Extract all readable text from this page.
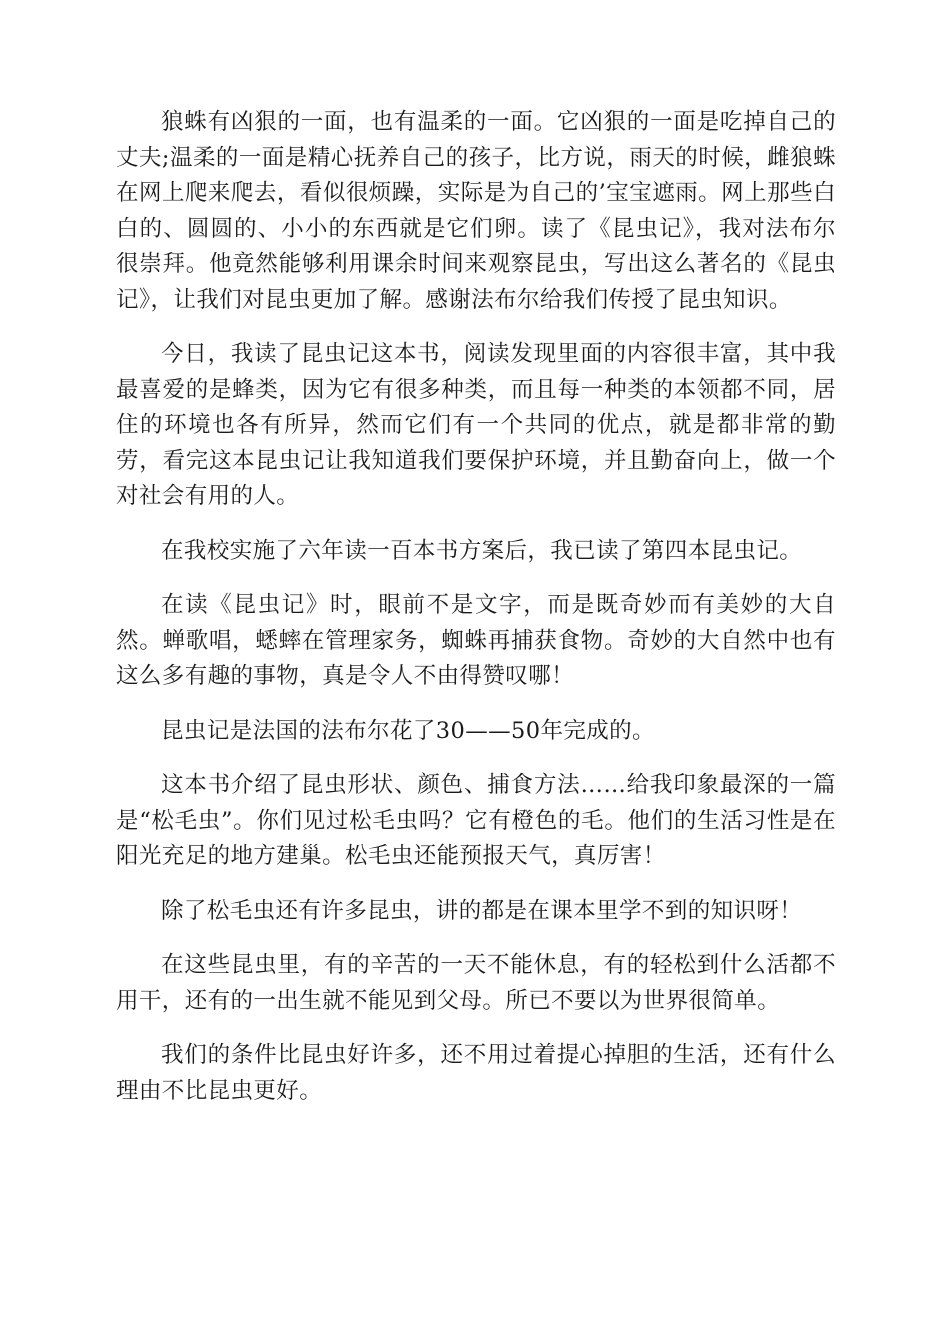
狼蛛有凶狠的一面，也有温柔的一面。它凶狠的一面是吃掉自己的丈夫;温柔的一面是精心抚养自己的孩子，比方说，雨天的时候，雌狼蛛在网上爬来爬去，看似很烦躁，实际是为自己的’宝宝遮雨。网上那些白白的、圆圆的、小小的东西就是它们卵。读了《昆虫记》，我对法布尔很崇拜。他竟然能够利用课余时间来观察昆虫，写出这么著名的《昆虫记》，让我们对昆虫更加了解。感谢法布尔给我们传授了昆虫知识。

今日，我读了昆虫记这本书，阅读发现里面的内容很丰富，其中我最喜爱的是蜂类，因为它有很多种类，而且每一种类的本领都不同，居住的环境也各有所异，然而它们有一个共同的优点，就是都非常的勤劳，看完这本昆虫记让我知道我们要保护环境，并且勤奋向上，做一个对社会有用的人。

在我校实施了六年读一百本书方案后，我已读了第四本昆虫记。

在读《昆虫记》时，眼前不是文字，而是既奇妙而有美妙的大自然。蝉歌唱，蟋蟀在管理家务，蜘蛛再捕获食物。奇妙的大自然中也有这么多有趣的事物，真是令人不由得赞叹哪！

昆虫记是法国的法布尔花了30——50年完成的。

这本书介绍了昆虫形状、颜色、捕食方法……给我印象最深的一篇是“松毛虫”。你们见过松毛虫吗？它有橙色的毛。他们的生活习性是在阳光充足的地方建巢。松毛虫还能预报天气，真厉害！

除了松毛虫还有许多昆虫，讲的都是在课本里学不到的知识呀！

在这些昆虫里，有的辛苦的一天不能休息，有的轻松到什么活都不用干，还有的一出生就不能见到父母。所已不要以为世界很简单。

我们的条件比昆虫好许多，还不用过着提心掉胆的生活，还有什么理由不比昆虫更好。
